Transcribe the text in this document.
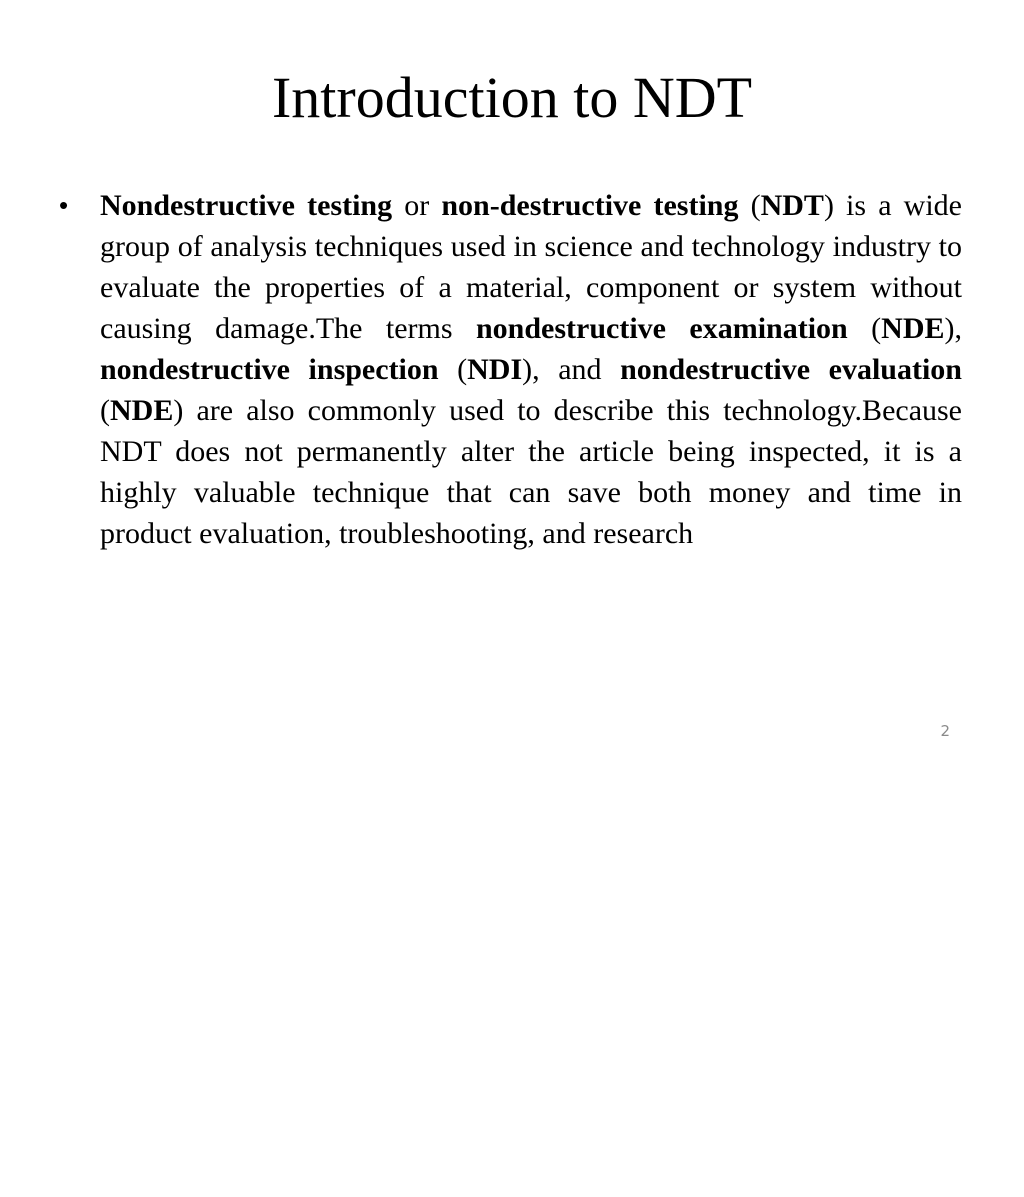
Introduction to NDT
• Nondestructive testing or non-destructive testing (NDT) is a wide group of analysis techniques used in science and technology industry to evaluate the properties of a material, component or system without causing damage.The terms nondestructive examination (NDE), nondestructive inspection (NDI), and nondestructive evaluation (NDE) are also commonly used to describe this technology.Because NDT does not permanently alter the article being inspected, it is a highly valuable technique that can save both money and time in product evaluation, troubleshooting, and research

2
